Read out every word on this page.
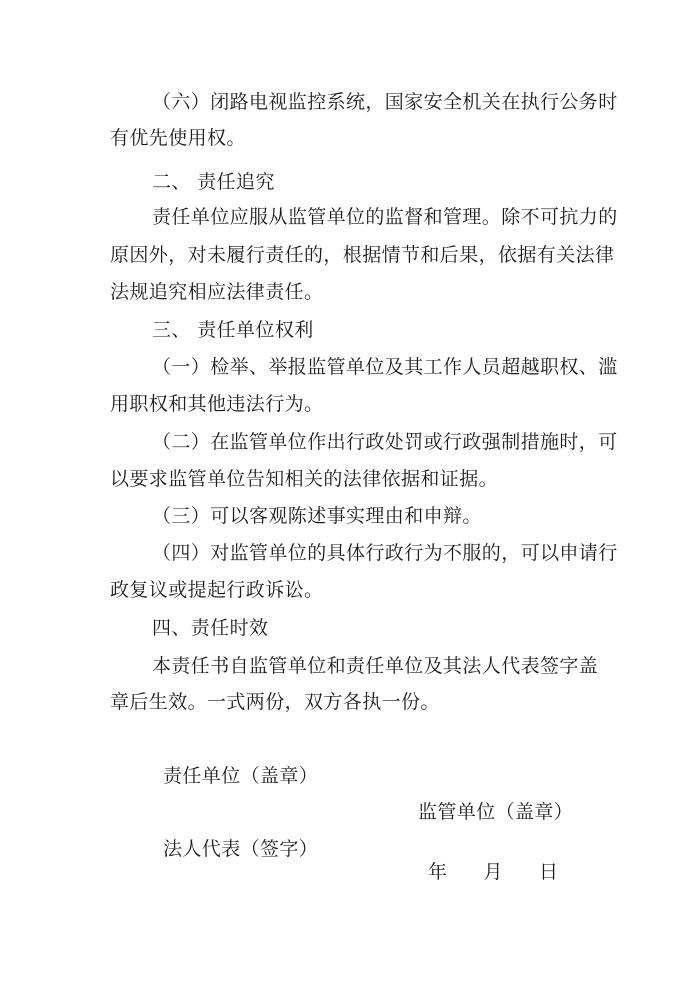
（六）闭路电视监控系统，国家安全机关在执行公务时
有优先使用权。
二、 责任追究
责任单位应服从监管单位的监督和管理。除不可抗力的
原因外，对未履行责任的，根据情节和后果，依据有关法律
法规追究相应法律责任。
三、 责任单位权利
（一）检举、举报监管单位及其工作人员超越职权、滥
用职权和其他违法行为。
（二）在监管单位作出行政处罚或行政强制措施时，可
以要求监管单位告知相关的法律依据和证据。
（三）可以客观陈述事实理由和申辩。
（四）对监管单位的具体行政行为不服的，可以申请行
政复议或提起行政诉讼。
四、责任时效
本责任书自监管单位和责任单位及其法人代表签字盖
章后生效。一式两份，双方各执一份。
责任单位（盖章）
监管单位（盖章）
法人代表（签字）
年 月 日
